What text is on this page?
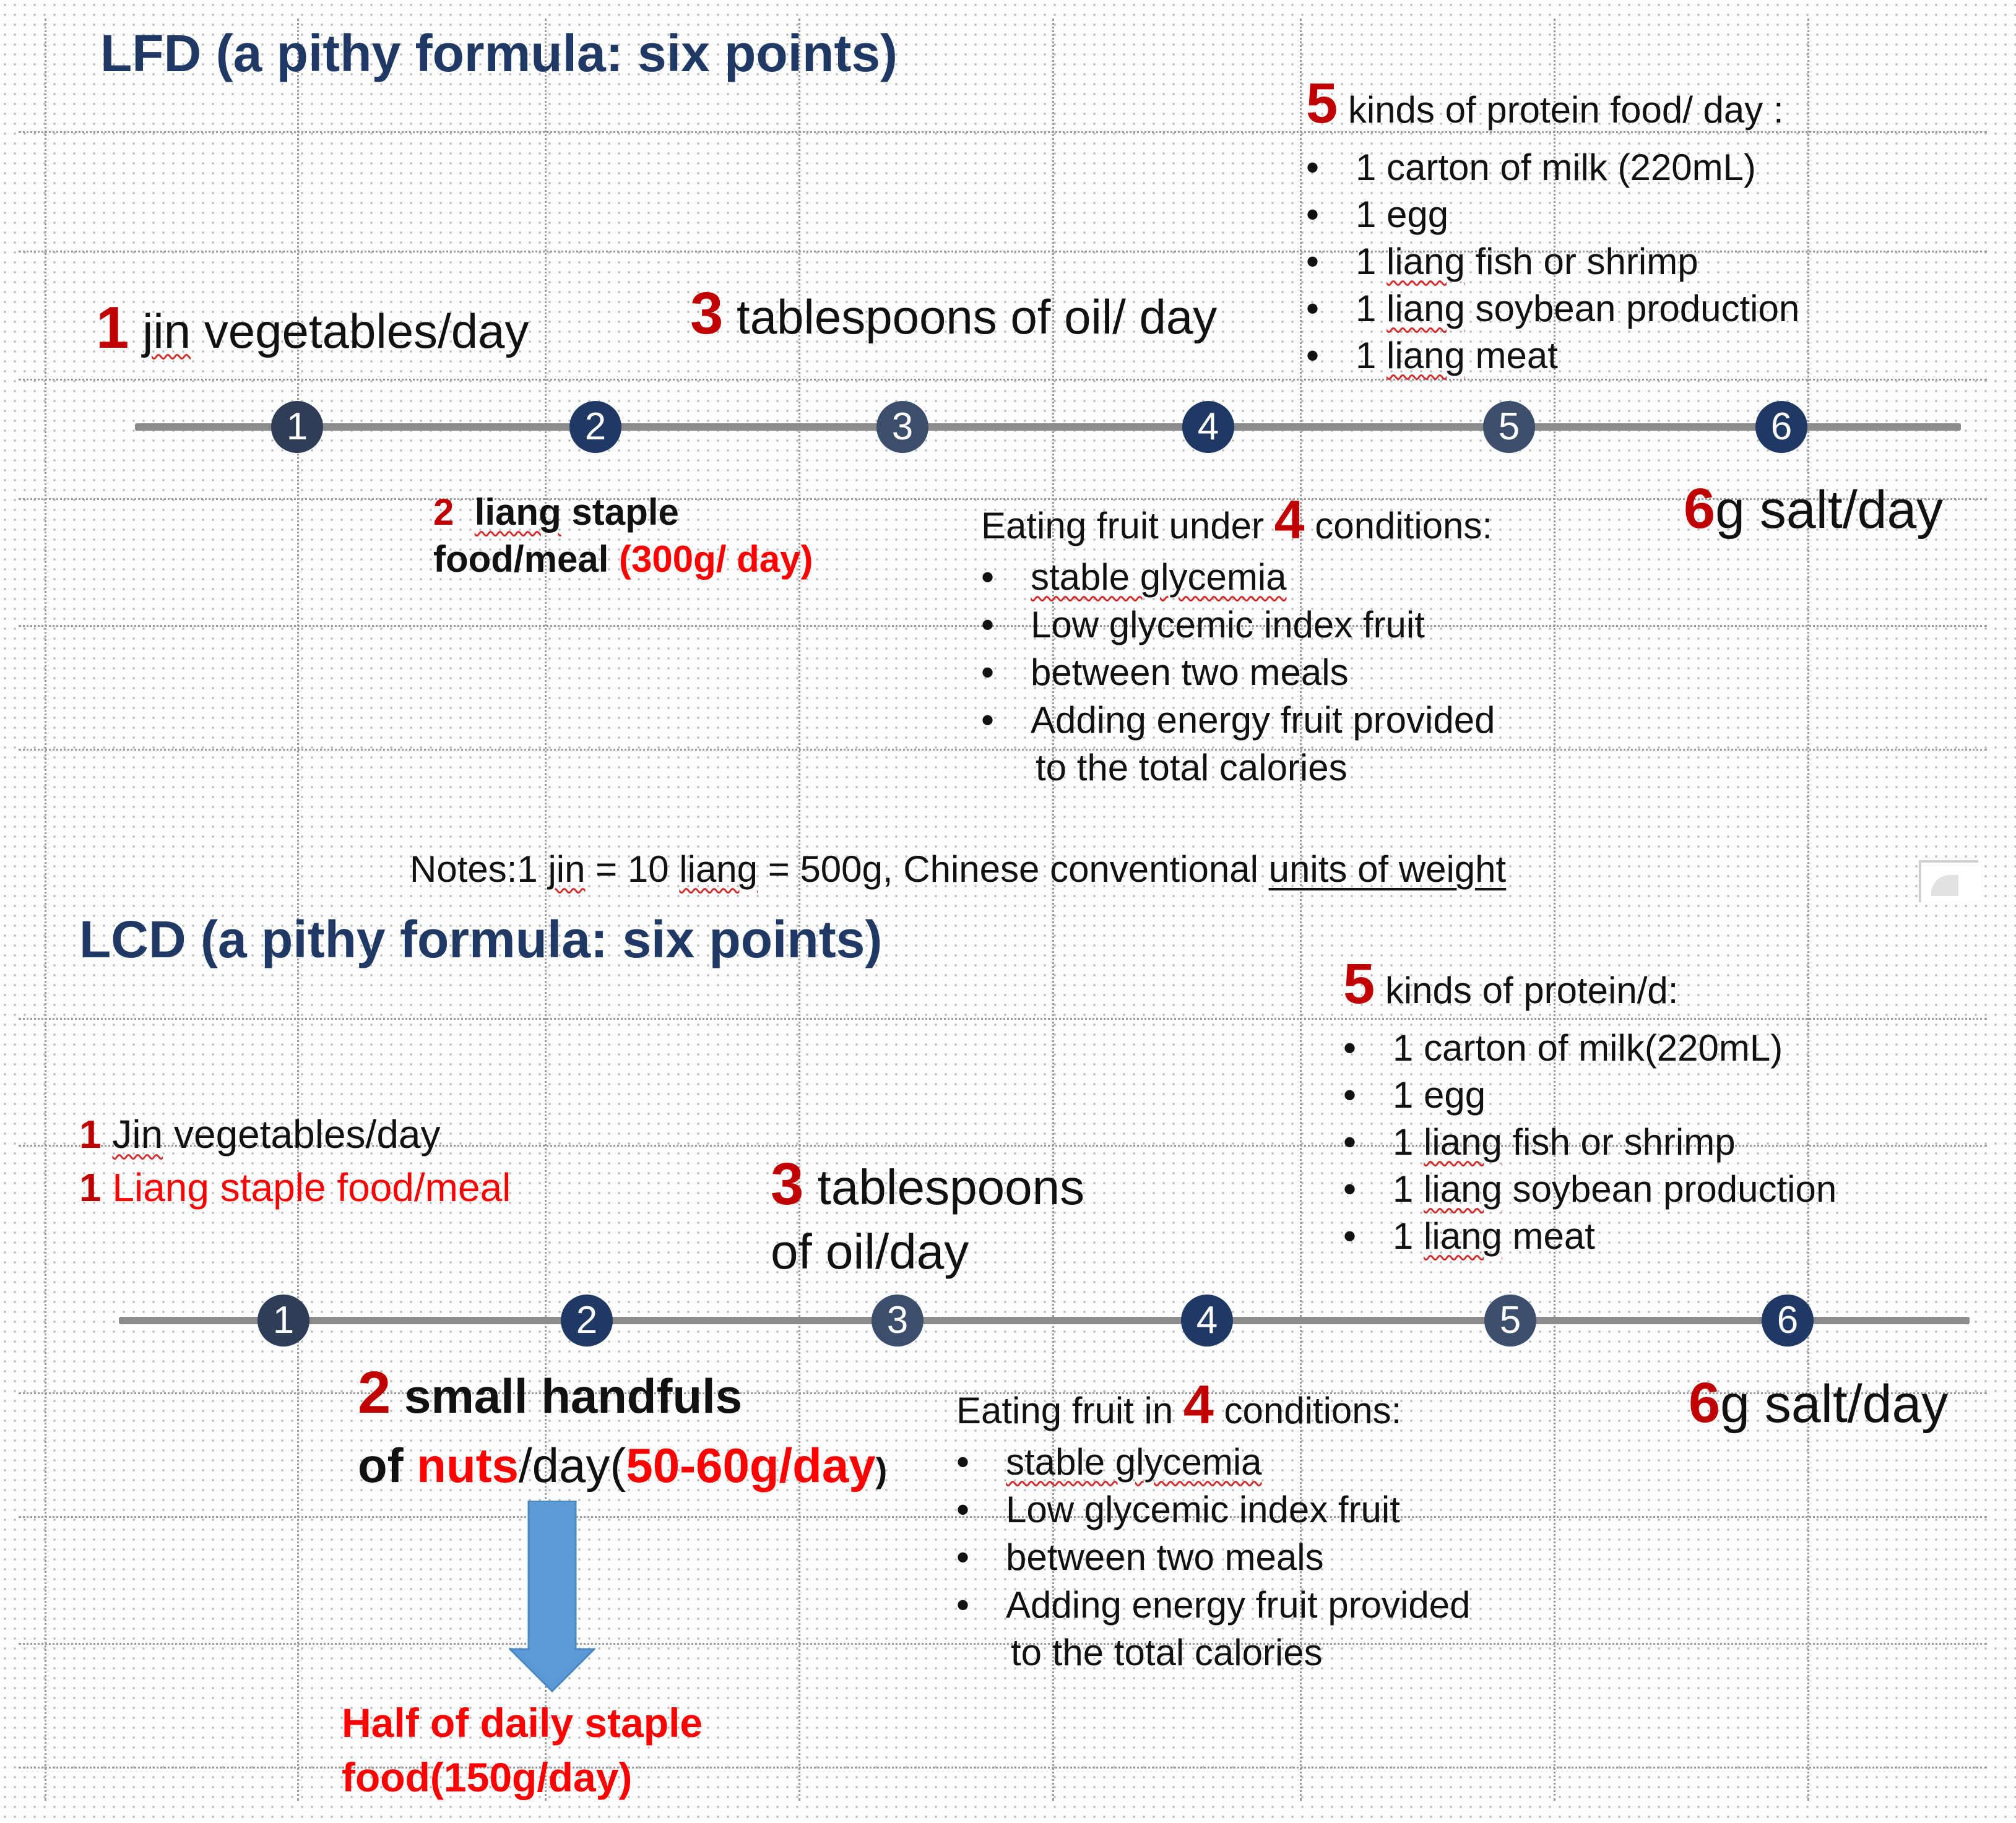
LFD (a pithy formula: six points)
1 jin vegetables/day	3 tablespoons of oil/ day
5 kinds of protein food/ day :
• 1 carton of milk (220mL)
• 1 egg
• 1 liang fish or shrimp
• 1 liang soybean production
• 1 liang meat
1	2	3	4	5	6
2 liang staple
food/meal (300g/ day)
Eating fruit under 4 conditions:
• stable glycemia
• Low glycemic index fruit
• between two meals
• Adding energy fruit provided
to the total calories
6g salt/day
Notes:1 jin = 10 liang = 500g, Chinese conventional units of weight
LCD (a pithy formula: six points)
1 Jin vegetables/day
1 Liang staple food/meal	3 tablespoons
of oil/day
5 kinds of protein/d:
• 1 carton of milk(220mL)
• 1 egg
• 1 liang fish or shrimp
• 1 liang soybean production
• 1 liang meat
1	2	3	4	5	6
2 small handfuls
of nuts/day(50-60g/day)
Half of daily staple
food(150g/day)
Eating fruit in 4 conditions:
• stable glycemia
• Low glycemic index fruit
• between two meals
• Adding energy fruit provided
to the total calories
6g salt/day
